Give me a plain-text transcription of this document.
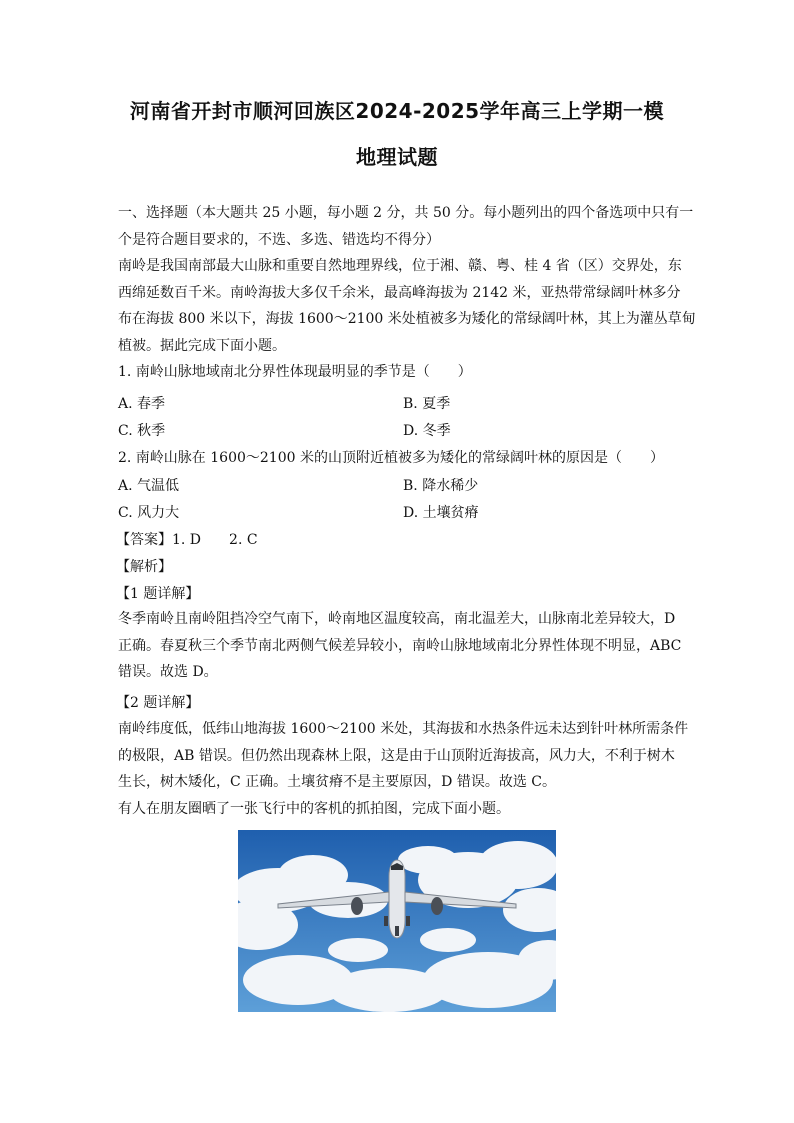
河南省开封市顺河回族区2024-2025学年高三上学期一模
地理试题
一、选择题（本大题共 25 小题，每小题 2 分，共 50 分。每小题列出的四个备选项中只有一
个是符合题目要求的，不选、多选、错选均不得分）
南岭是我国南部最大山脉和重要自然地理界线，位于湘、赣、粤、桂 4 省（区）交界处，东
西绵延数百千米。南岭海拔大多仅千余米，最高峰海拔为 2142 米，亚热带常绿阔叶林多分
布在海拔 800 米以下，海拔 1600～2100 米处植被多为矮化的常绿阔叶林，其上为灌丛草甸
植被。据此完成下面小题。
1. 南岭山脉地域南北分界性体现最明显的季节是（　　）
A. 春季	B. 夏季
C. 秋季	D. 冬季
2. 南岭山脉在 1600～2100 米的山顶附近植被多为矮化的常绿阔叶林的原因是（　　）
A. 气温低	B. 降水稀少
C. 风力大	D. 土壤贫瘠
【答案】1. D　　2. C
【解析】
【1 题详解】
冬季南岭且南岭阻挡冷空气南下，岭南地区温度较高，南北温差大，山脉南北差异较大，D
正确。春夏秋三个季节南北两侧气候差异较小，南岭山脉地域南北分界性体现不明显，ABC
错误。故选 D。
【2 题详解】
南岭纬度低，低纬山地海拔 1600～2100 米处，其海拔和水热条件远未达到针叶林所需条件
的极限，AB 错误。但仍然出现森林上限，这是由于山顶附近海拔高，风力大，不利于树木
生长，树木矮化，C 正确。土壤贫瘠不是主要原因，D 错误。故选 C。
有人在朋友圈晒了一张飞行中的客机的抓拍图，完成下面小题。
